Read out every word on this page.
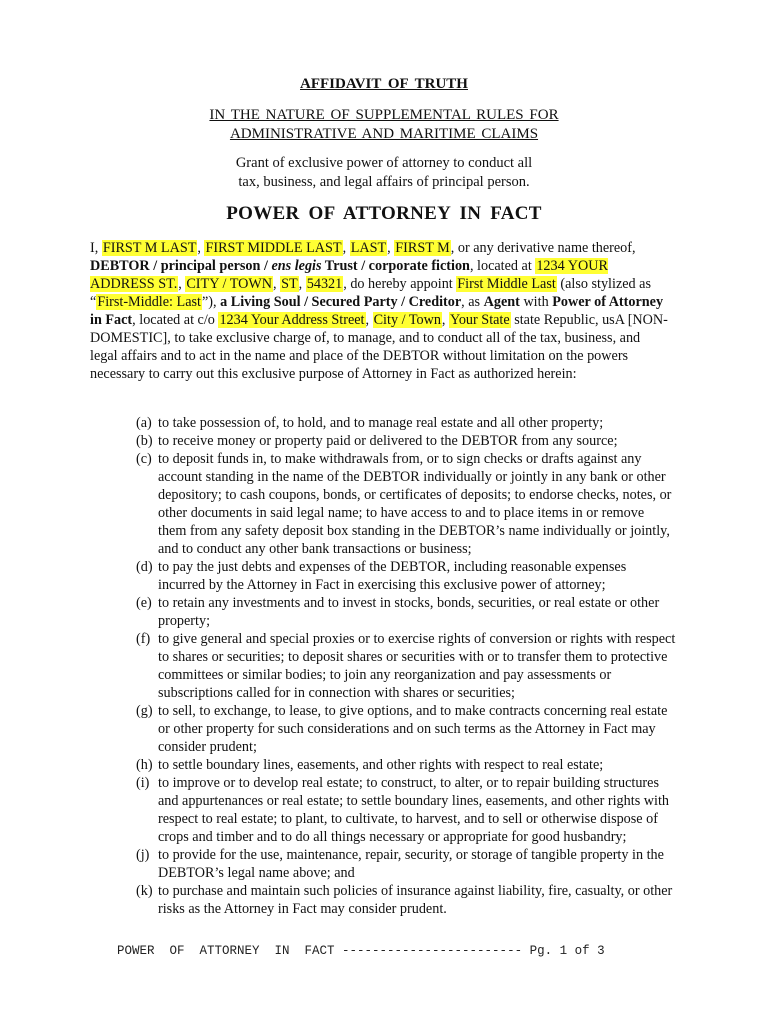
AFFIDAVIT OF TRUTH
IN THE NATURE OF SUPPLEMENTAL RULES FOR
ADMINISTRATIVE AND MARITIME CLAIMS
Grant of exclusive power of attorney to conduct all
tax, business, and legal affairs of principal person.
POWER OF ATTORNEY IN FACT

I, FIRST M LAST, FIRST MIDDLE LAST, LAST, FIRST M, or any derivative name thereof, DEBTOR / principal person / ens legis Trust / corporate fiction, located at 1234 YOUR ADDRESS ST., CITY / TOWN, ST, 54321, do hereby appoint First Middle Last (also stylized as “First-Middle: Last”), a Living Soul / Secured Party / Creditor, as Agent with Power of Attorney in Fact, located at c/o 1234 Your Address Street, City / Town, Your State state Republic, usA [NON-DOMESTIC], to take exclusive charge of, to manage, and to conduct all of the tax, business, and legal affairs and to act in the name and place of the DEBTOR without limitation on the powers necessary to carry out this exclusive purpose of Attorney in Fact as authorized herein:

(a) to take possession of, to hold, and to manage real estate and all other property;
(b) to receive money or property paid or delivered to the DEBTOR from any source;
(c) to deposit funds in, to make withdrawals from, or to sign checks or drafts against any account standing in the name of the DEBTOR individually or jointly in any bank or other depository; to cash coupons, bonds, or certificates of deposits; to endorse checks, notes, or other documents in said legal name; to have access to and to place items in or remove them from any safety deposit box standing in the DEBTOR’s name individually or jointly, and to conduct any other bank transactions or business;
(d) to pay the just debts and expenses of the DEBTOR, including reasonable expenses incurred by the Attorney in Fact in exercising this exclusive power of attorney;
(e) to retain any investments and to invest in stocks, bonds, securities, or real estate or other property;
(f) to give general and special proxies or to exercise rights of conversion or rights with respect to shares or securities; to deposit shares or securities with or to transfer them to protective committees or similar bodies; to join any reorganization and pay assessments or subscriptions called for in connection with shares or securities;
(g) to sell, to exchange, to lease, to give options, and to make contracts concerning real estate or other property for such considerations and on such terms as the Attorney in Fact may consider prudent;
(h) to settle boundary lines, easements, and other rights with respect to real estate;
(i) to improve or to develop real estate; to construct, to alter, or to repair building structures and appurtenances or real estate; to settle boundary lines, easements, and other rights with respect to real estate; to plant, to cultivate, to harvest, and to sell or otherwise dispose of crops and timber and to do all things necessary or appropriate for good husbandry;
(j) to provide for the use, maintenance, repair, security, or storage of tangible property in the DEBTOR’s legal name above; and
(k) to purchase and maintain such policies of insurance against liability, fire, casualty, or other risks as the Attorney in Fact may consider prudent.
POWER  OF  ATTORNEY  IN  FACT ------------------------ Pg. 1 of 3
